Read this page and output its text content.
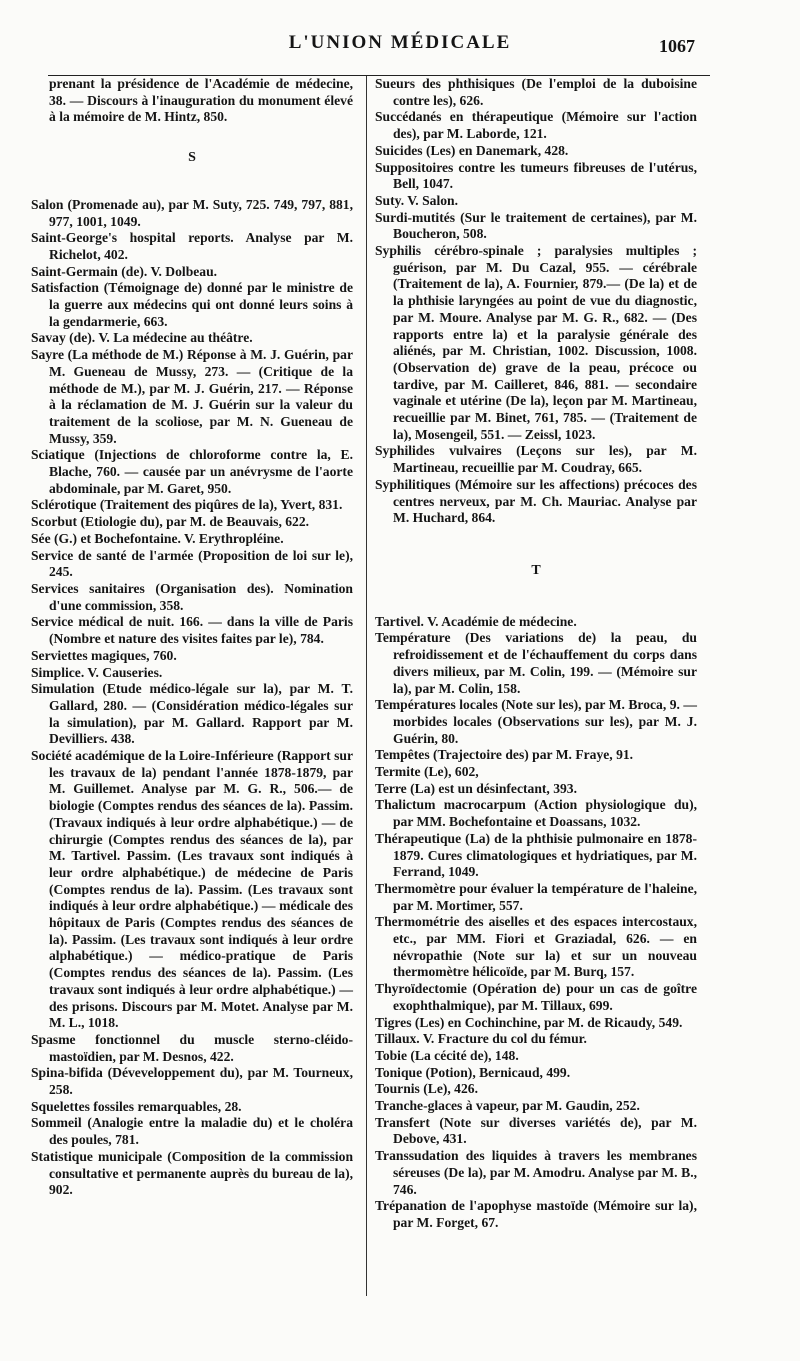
L'UNION MÉDICALE	1067

prenant la présidence de l'Académie de médecine, 38. — Discours à l'inauguration du monument élevé à la mémoire de M. Hintz, 850.

S

Salon (Promenade au), par M. Suty, 725. 749, 797, 881, 977, 1001, 1049.

Saint-George's hospital reports. Analyse par M. Richelot, 402.

Saint-Germain (de). V. Dolbeau.

Satisfaction (Témoignage de) donné par le ministre de la guerre aux médecins qui ont donné leurs soins à la gendarmerie, 663.

Savay (de). V. La médecine au théâtre.

Sayre (La méthode de M.) Réponse à M. J. Guérin, par M. Gueneau de Mussy, 273. — (Critique de la méthode de M.), par M. J. Guérin, 217. — Réponse à la réclamation de M. J. Guérin sur la valeur du traitement de la scoliose, par M. N. Gueneau de Mussy, 359.

Sciatique (Injections de chloroforme contre la, E. Blache, 760. — causée par un anévrysme de l'aorte abdominale, par M. Garet, 950.

Sclérotique (Traitement des piqûres de la), Yvert, 831.

Scorbut (Etiologie du), par M. de Beauvais, 622.

Sée (G.) et Bochefontaine. V. Erythropléine.

Service de santé de l'armée (Proposition de loi sur le), 245.

Services sanitaires (Organisation des). Nomination d'une commission, 358.

Service médical de nuit. 166. — dans la ville de Paris (Nombre et nature des visites faites par le), 784.

Serviettes magiques, 760.

Simplice. V. Causeries.

Simulation (Etude médico-légale sur la), par M. T. Gallard, 280. — (Considération médico-légales sur la simulation), par M. Gallard. Rapport par M. Devilliers. 438.

Société académique de la Loire-Inférieure (Rapport sur les travaux de la) pendant l'année 1878-1879, par M. Guillemet. Analyse par M. G. R., 506.— de biologie (Comptes rendus des séances de la). Passim. (Travaux indiqués à leur ordre alphabétique.) — de chirurgie (Comptes rendus des séances de la), par M. Tartivel. Passim. (Les travaux sont indiqués à leur ordre alphabétique.) de médecine de Paris (Comptes rendus de la). Passim. (Les travaux sont indiqués à leur ordre alphabétique.) — médicale des hôpitaux de Paris (Comptes rendus des séances de la). Passim. (Les travaux sont indiqués à leur ordre alphabétique.) — médico-pratique de Paris (Comptes rendus des séances de la). Passim. (Les travaux sont indiqués à leur ordre alphabétique.) — des prisons. Discours par M. Motet. Analyse par M. M. L., 1018.

Spasme fonctionnel du muscle sterno-cléido-mastoïdien, par M. Desnos, 422.

Spina-bifida (Déveveloppement du), par M. Tourneux, 258.

Squelettes fossiles remarquables, 28.

Sommeil (Analogie entre la maladie du) et le choléra des poules, 781.

Statistique municipale (Composition de la commission consultative et permanente auprès du bureau de la), 902.

Sueurs des phthisiques (De l'emploi de la duboisine contre les), 626.

Succédanés en thérapeutique (Mémoire sur l'action des), par M. Laborde, 121.

Suicides (Les) en Danemark, 428.

Suppositoires contre les tumeurs fibreuses de l'utérus, Bell, 1047.

Suty. V. Salon.

Surdi-mutités (Sur le traitement de certaines), par M. Boucheron, 508.

Syphilis cérébro-spinale ; paralysies multiples ; guérison, par M. Du Cazal, 955. — cérébrale (Traitement de la), A. Fournier, 879.— (De la) et de la phthisie laryngées au point de vue du diagnostic, par M. Moure. Analyse par M. G. R., 682. — (Des rapports entre la) et la paralysie générale des aliénés, par M. Christian, 1002. Discussion, 1008. (Observation de) grave de la peau, précoce ou tardive, par M. Cailleret, 846, 881. — secondaire vaginale et utérine (De la), leçon par M. Martineau, recueillie par M. Binet, 761, 785. — (Traitement de la), Mosengeil, 551. — Zeissl, 1023.

Syphilides vulvaires (Leçons sur les), par M. Martineau, recueillie par M. Coudray, 665.

Syphilitiques (Mémoire sur les affections) précoces des centres nerveux, par M. Ch. Mauriac. Analyse par M. Huchard, 864.

T

Tartivel. V. Académie de médecine.

Température (Des variations de) la peau, du refroidissement et de l'échauffement du corps dans divers milieux, par M. Colin, 199. — (Mémoire sur la), par M. Colin, 158.

Températures locales (Note sur les), par M. Broca, 9. — morbides locales (Observations sur les), par M. J. Guérin, 80.

Tempêtes (Trajectoire des) par M. Fraye, 91.

Termite (Le), 602,

Terre (La) est un désinfectant, 393.

Thalictum macrocarpum (Action physiologique du), par MM. Bochefontaine et Doassans, 1032.

Thérapeutique (La) de la phthisie pulmonaire en 1878-1879. Cures climatologiques et hydriatiques, par M. Ferrand, 1049.

Thermomètre pour évaluer la température de l'haleine, par M. Mortimer, 557.

Thermométrie des aiselles et des espaces intercostaux, etc., par MM. Fiori et Graziadal, 626. — en névropathie (Note sur la) et sur un nouveau thermomètre hélicoïde, par M. Burq, 157.

Thyroïdectomie (Opération de) pour un cas de goître exophthalmique), par M. Tillaux, 699.

Tigres (Les) en Cochinchine, par M. de Ricaudy, 549.

Tillaux. V. Fracture du col du fémur.

Tobie (La cécité de), 148.

Tonique (Potion), Bernicaud, 499.

Tournis (Le), 426.

Tranche-glaces à vapeur, par M. Gaudin, 252.

Transfert (Note sur diverses variétés de), par M. Debove, 431.

Transsudation des liquides à travers les membranes séreuses (De la), par M. Amodru. Analyse par M. B., 746.

Trépanation de l'apophyse mastoïde (Mémoire sur la), par M. Forget, 67.
